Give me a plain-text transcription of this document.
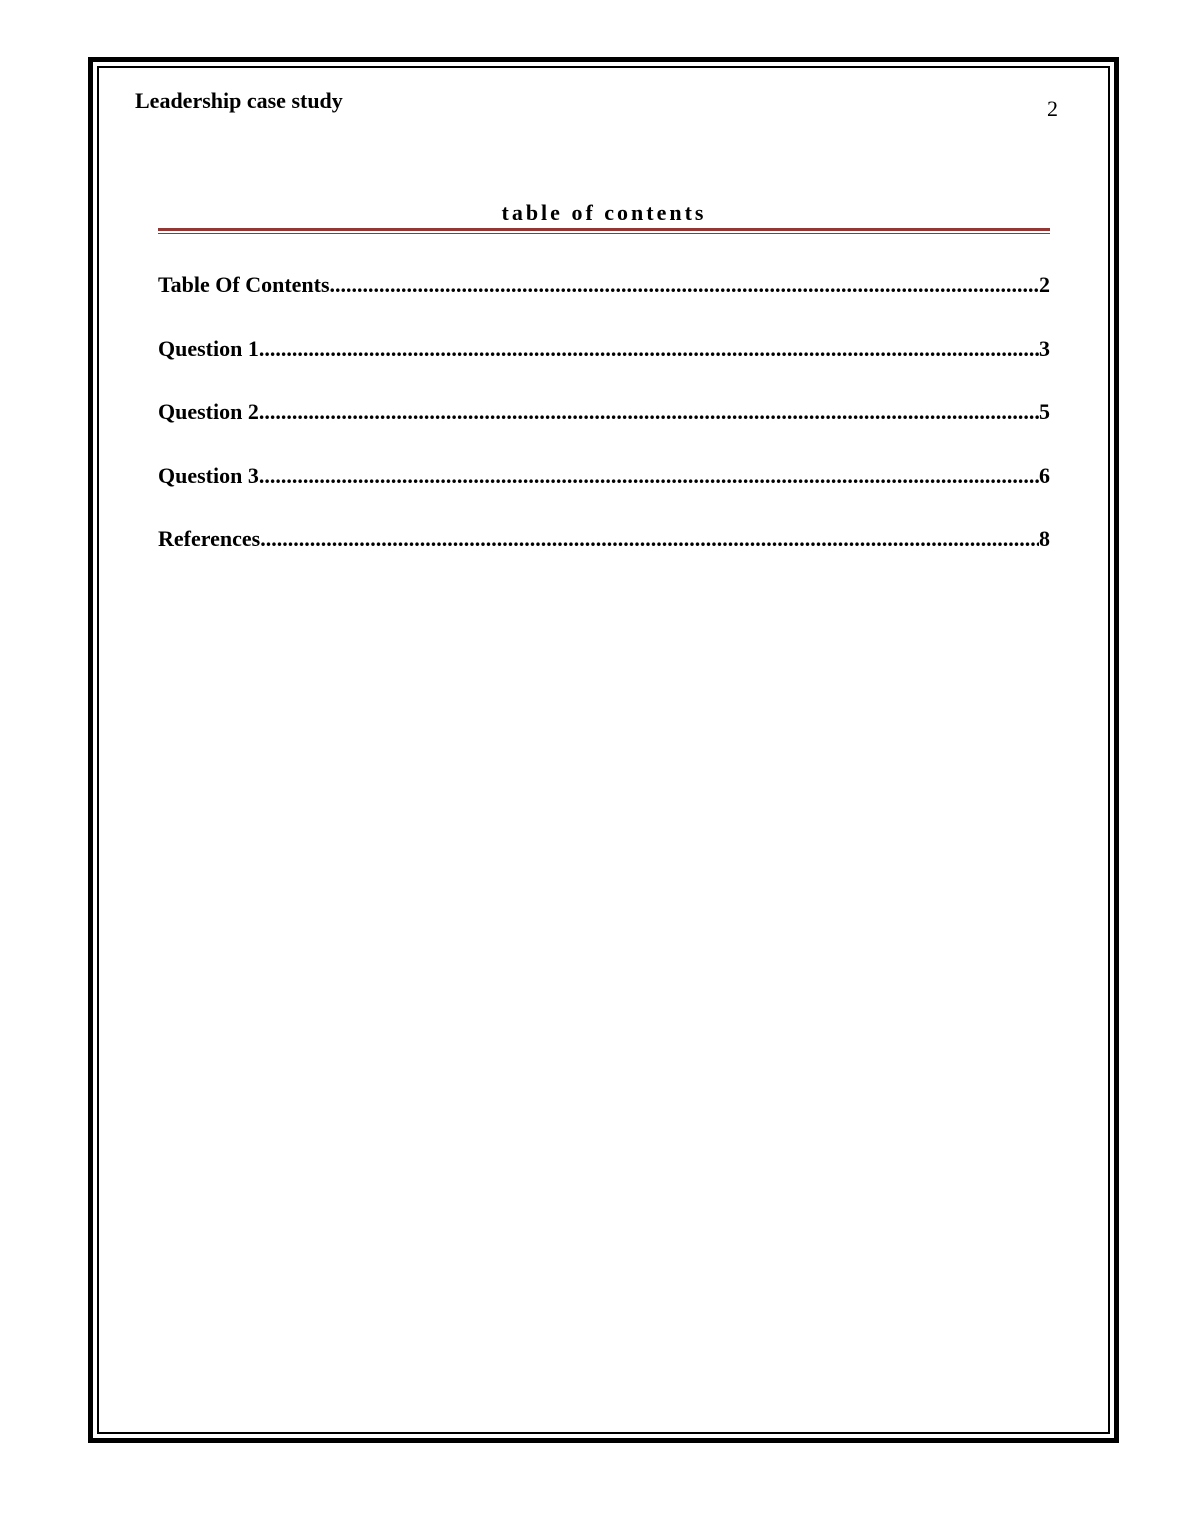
Leadership case study	2
table of contents
Table Of Contents .....	2
Question 1 .....	3
Question 2 .....	5
Question 3 .....	6
References .....	8
